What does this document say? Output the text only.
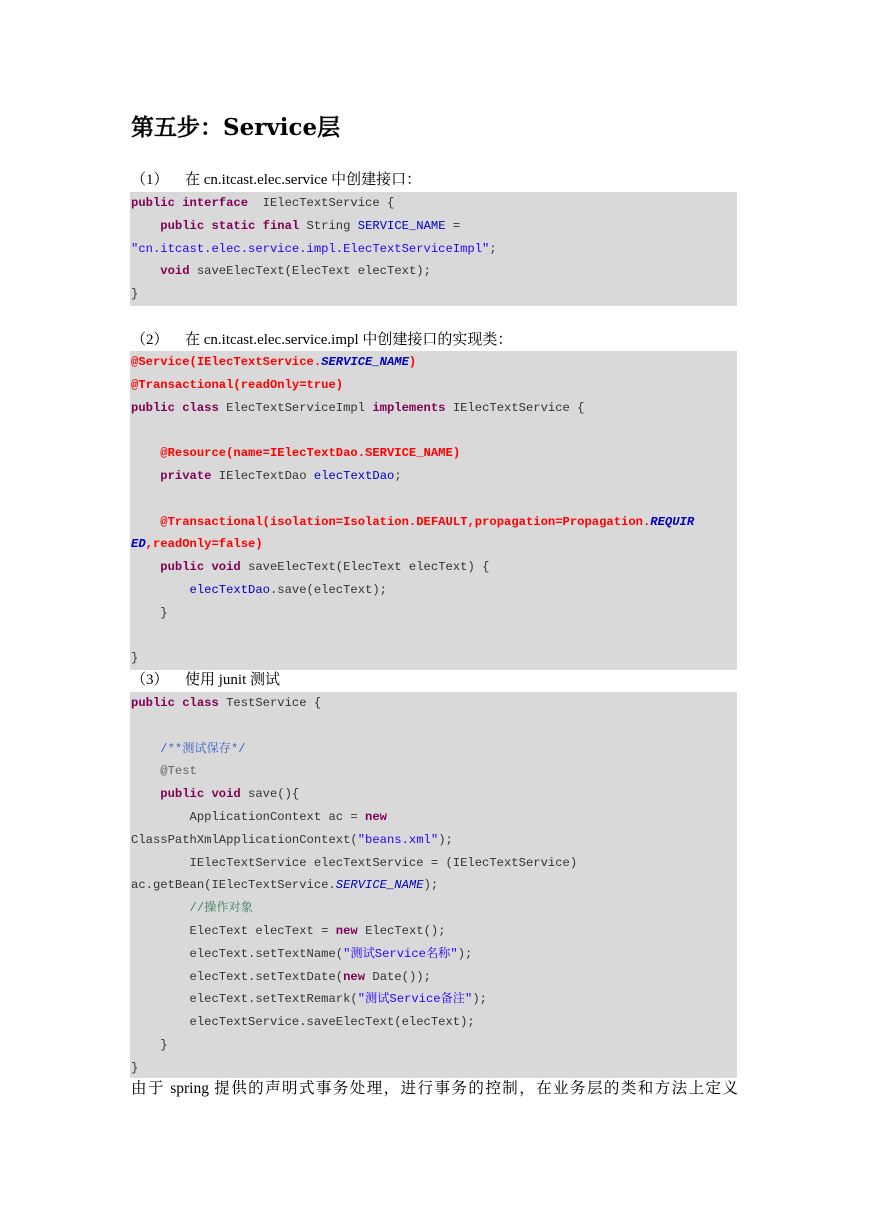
第五步：Service层
（1） 在 cn.itcast.elec.service 中创建接口：
public interface  IElecTextService {
public static final String SERVICE_NAME =
"cn.itcast.elec.service.impl.ElecTextServiceImpl";
void saveElecText(ElecText elecText);
}
（2） 在 cn.itcast.elec.service.impl 中创建接口的实现类：
@Service(IElecTextService.SERVICE_NAME)
@Transactional(readOnly=true)
public class ElecTextServiceImpl implements IElecTextService {
@Resource(name=IElecTextDao.SERVICE_NAME)
private IElecTextDao elecTextDao;
@Transactional(isolation=Isolation.DEFAULT,propagation=Propagation.REQUIR
ED,readOnly=false)
public void saveElecText(ElecText elecText) {
elecTextDao.save(elecText);
}
}
（3） 使用 junit 测试
public class TestService {
/**测试保存*/
@Test
public void save(){
ApplicationContext ac = new
ClassPathXmlApplicationContext("beans.xml");
IElecTextService elecTextService = (IElecTextService)
ac.getBean(IElecTextService.SERVICE_NAME);
//操作对象
ElecText elecText = new ElecText();
elecText.setTextName("测试Service名称");
elecText.setTextDate(new Date());
elecText.setTextRemark("测试Service备注");
elecTextService.saveElecText(elecText);
}
}
由于 spring 提供的声明式事务处理，进行事务的控制，在业务层的类和方法上定义
